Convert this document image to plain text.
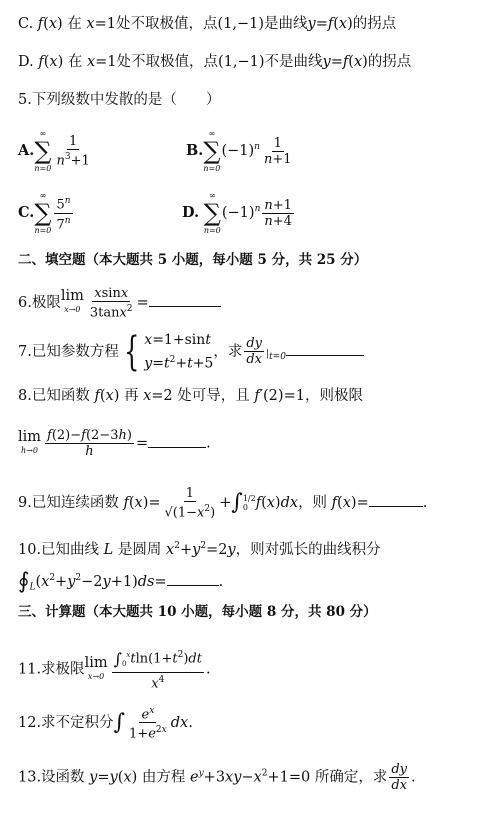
C. f(x) 在 x=1处不取极值，点(1,−1)是曲线y=f(x)的拐点
D. f(x) 在 x=1处不取极值，点(1,−1)不是曲线y=f(x)的拐点
5.下列级数中发散的是（　　）
A.
∞
∑
n=0
$\frac{1}{n^3+1}$	B.
∞
∑
n=0
$(-1)^n \frac{1}{n+1}$
C.
∞
∑
$n=0 \frac{5^n}{7^n}$	D.
∞
∑
n=0
$(-1)^n \frac{n+1}{n+4}$
二、填空题（本大题共 5 小题，每小题 5 分，共 25 分）
6.极限 lim
$x\to 0 \frac{xsinx}{3\tan x^2}$ =
7.已知参数方程 { x=1+sint
$y=t^2+t+5$
，求 $\frac{dy}{dx} |_{t=0}$
8.已知函数 f(x) 再 x=2 处可导，且 f′(2)=1，则极限
lim
$h\to 0 \frac{f(2)-f(2-3h)}{h}$ =	.
9.已知连续函数 $f(x)= \frac{1}{√(1-x^2)}$ +∫ 1/2
0 f(x)dx，则 f(x)=	.
10.已知曲线 L 是圆周 $x^2+y^2=2y$，则对弧长的曲线积分
$∮_L(x^2+y^2-2y+1)ds=$	.
三、计算题（本大题共 10 小题，每小题 8 分，共 80 分）
11.求极限 lim
$x\to 0 \frac{\int_0^xtln(1+t^2)dt}{x^4}$ .
12.求不定积分∫ $\frac{e^x}{1+e^{2x}}$ dx.
13.设函数 y=y(x) 由方程 $e^y+3xy-x^2+1=0$ 所确定，求 $\frac{dy}{dx}$ .
